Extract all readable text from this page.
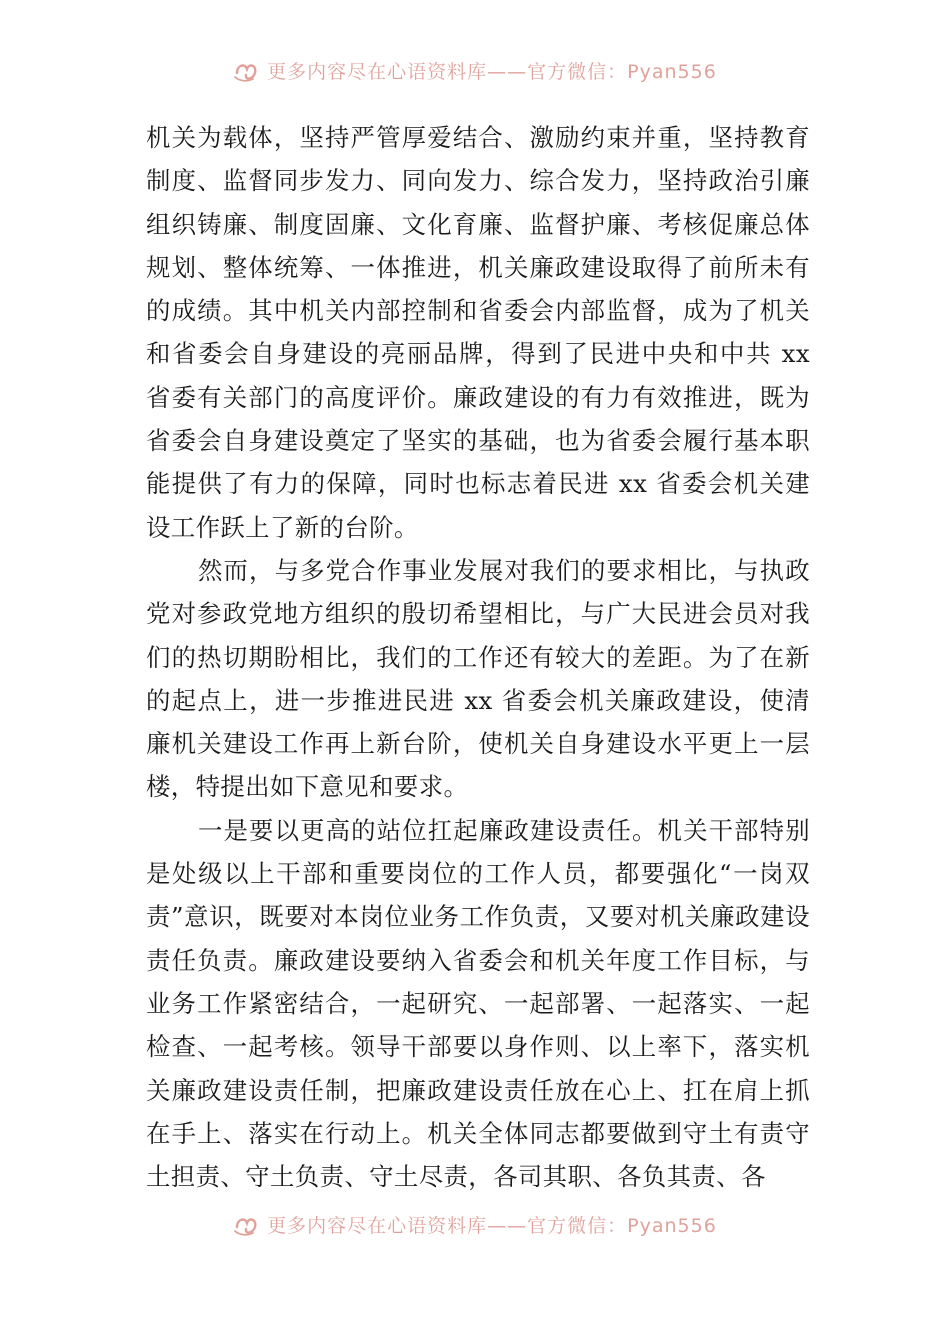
更多内容尽在心语资料库——官方微信：Pyan556

机关为载体，坚持严管厚爱结合、激励约束并重，坚持教育制度、监督同步发力、同向发力、综合发力，坚持政治引廉组织铸廉、制度固廉、文化育廉、监督护廉、考核促廉总体规划、整体统筹、一体推进，机关廉政建设取得了前所未有的成绩。其中机关内部控制和省委会内部监督，成为了机关和省委会自身建设的亮丽品牌，得到了民进中央和中共 xx 省委有关部门的高度评价。廉政建设的有力有效推进，既为省委会自身建设奠定了坚实的基础，也为省委会履行基本职能提供了有力的保障，同时也标志着民进 xx 省委会机关建设工作跃上了新的台阶。

然而，与多党合作事业发展对我们的要求相比，与执政党对参政党地方组织的殷切希望相比，与广大民进会员对我们的热切期盼相比，我们的工作还有较大的差距。为了在新的起点上，进一步推进民进 xx 省委会机关廉政建设，使清廉机关建设工作再上新台阶，使机关自身建设水平更上一层楼，特提出如下意见和要求。

一是要以更高的站位扛起廉政建设责任。机关干部特别是处级以上干部和重要岗位的工作人员，都要强化“一岗双责”意识，既要对本岗位业务工作负责，又要对机关廉政建设责任负责。廉政建设要纳入省委会和机关年度工作目标，与业务工作紧密结合，一起研究、一起部署、一起落实、一起检查、一起考核。领导干部要以身作则、以上率下，落实机关廉政建设责任制，把廉政建设责任放在心上、扛在肩上抓在手上、落实在行动上。机关全体同志都要做到守土有责守土担责、守土负责、守土尽责，各司其职、各负其责、各

更多内容尽在心语资料库——官方微信：Pyan556
